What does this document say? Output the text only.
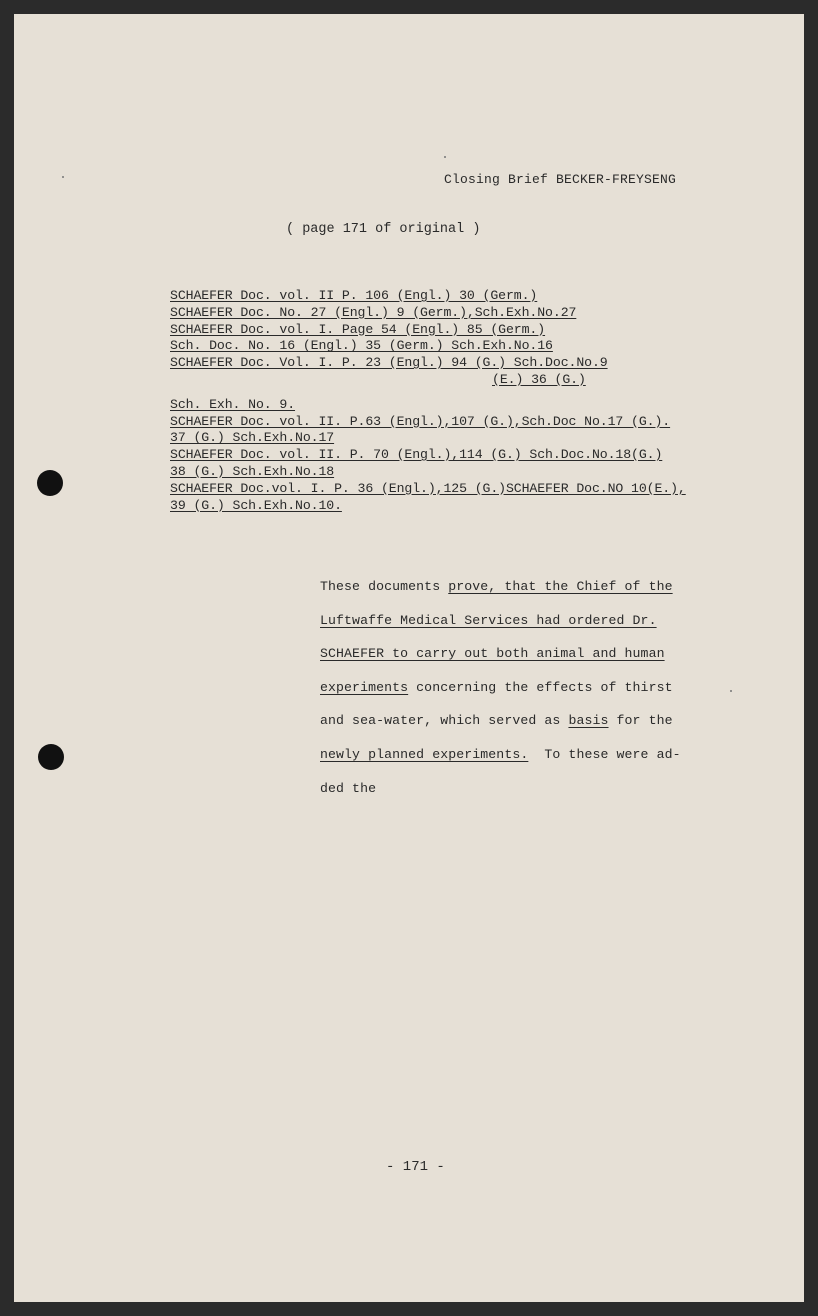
Closing Brief BECKER-FREYSENG
( page 171 of original )
SCHAEFER Doc. vol. II P. 106 (Engl.) 30 (Germ.)
SCHAEFER Doc. No. 27 (Engl.) 9 (Germ.),Sch.Exh.No.27
SCHAEFER Doc. vol. I. Page 54 (Engl.) 85 (Germ.)
Sch. Doc. No. 16 (Engl.) 35 (Germ.) Sch.Exh.No.16
SCHAEFER Doc. Vol. I. P. 23 (Engl.) 94 (G.) Sch.Doc.No.9
(E.) 36 (G.)
Sch. Exh. No. 9.
SCHAEFER Doc. vol. II. P.63 (Engl.),107 (G.),Sch.Doc No.17 (G.).
37 (G.) Sch.Exh.No.17
SCHAEFER Doc. vol. II. P. 70 (Engl.),114 (G.) Sch.Doc.No.18(G.)
38 (G.) Sch.Exh.No.18
SCHAEFER Doc.vol. I. P. 36 (Engl.),125 (G.)SCHAEFER Doc.NO 10(E.),
39 (G.) Sch.Exh.No.10.
These documents prove, that the Chief of the
Luftwaffe Medical Services had ordered Dr.
SCHAEFER to carry out both animal and human
experiments concerning the effects of thirst
and sea-water, which served as basis for the
newly planned experiments.  To these were ad-
ded the
- 171 -
